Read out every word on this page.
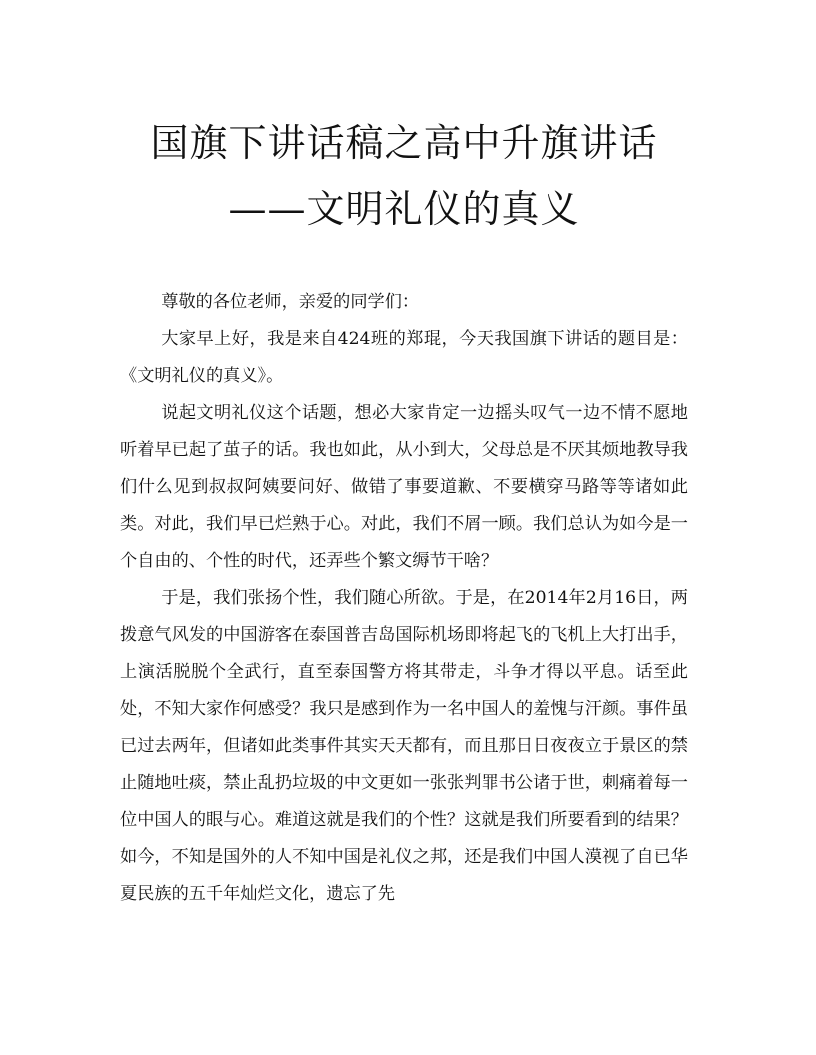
国旗下讲话稿之高中升旗讲话——文明礼仪的真义

尊敬的各位老师，亲爱的同学们：

大家早上好，我是来自424班的郑琨，今天我国旗下讲话的题目是：《文明礼仪的真义》。

说起文明礼仪这个话题，想必大家肯定一边摇头叹气一边不情不愿地听着早已起了茧子的话。我也如此，从小到大，父母总是不厌其烦地教导我们什么见到叔叔阿姨要问好、做错了事要道歉、不要横穿马路等等诸如此类。对此，我们早已烂熟于心。对此，我们不屑一顾。我们总认为如今是一个自由的、个性的时代，还弄些个繁文缛节干啥？

于是，我们张扬个性，我们随心所欲。于是，在2014年2月16日，两拨意气风发的中国游客在泰国普吉岛国际机场即将起飞的飞机上大打出手，上演活脱脱个全武行，直至泰国警方将其带走，斗争才得以平息。话至此处，不知大家作何感受？我只是感到作为一名中国人的羞愧与汗颜。事件虽已过去两年，但诸如此类事件其实天天都有，而且那日日夜夜立于景区的禁止随地吐痰，禁止乱扔垃圾的中文更如一张张判罪书公诸于世，刺痛着每一位中国人的眼与心。难道这就是我们的个性？这就是我们所要看到的结果？如今，不知是国外的人不知中国是礼仪之邦，还是我们中国人漠视了自已华夏民族的五千年灿烂文化，遗忘了先
